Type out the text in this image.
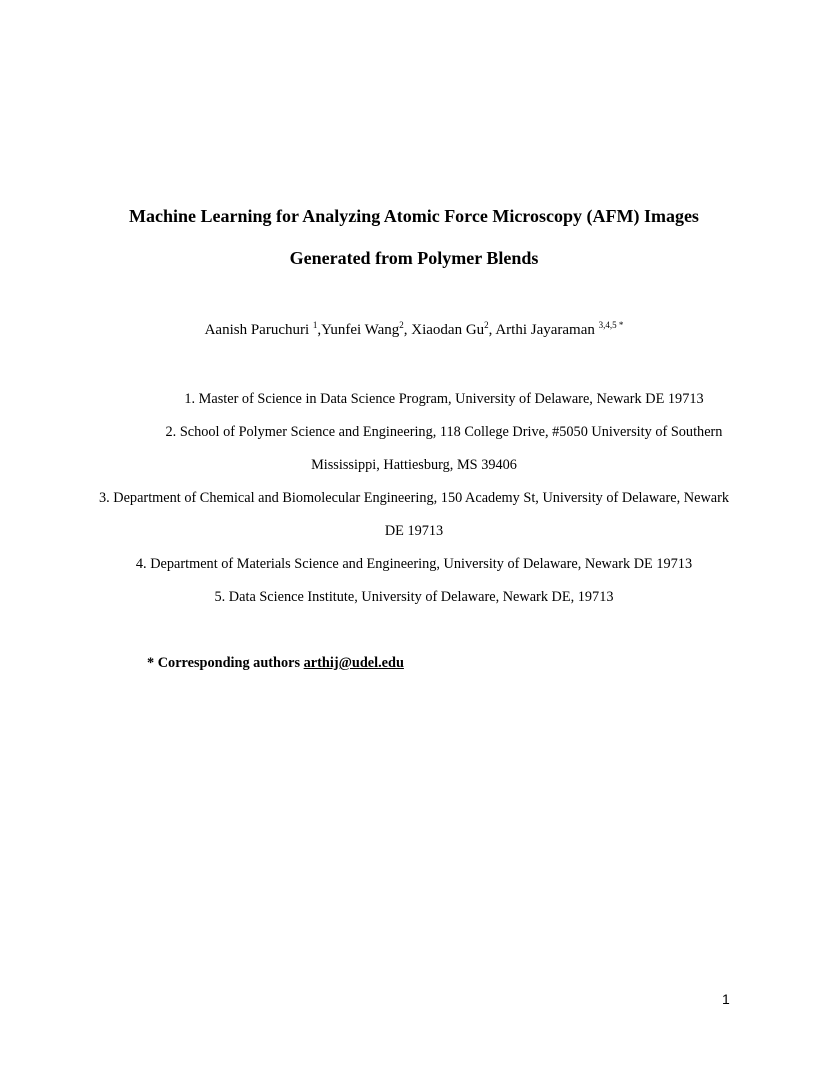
Machine Learning for Analyzing Atomic Force Microscopy (AFM) Images
Generated from Polymer Blends
Aanish Paruchuri $^1$,Yunfei Wang$^2$, Xiaodan Gu$^2$, Arthi Jayaraman $^{3,4,5 *}$
1. Master of Science in Data Science Program, University of Delaware, Newark DE 19713
2. School of Polymer Science and Engineering, 118 College Drive, #5050 University of Southern
Mississippi, Hattiesburg, MS 39406
3. Department of Chemical and Biomolecular Engineering, 150 Academy St, University of Delaware, Newark
DE 19713
4. Department of Materials Science and Engineering, University of Delaware, Newark DE 19713
5. Data Science Institute, University of Delaware, Newark DE, 19713
* Corresponding authors arthij@udel.edu
1
